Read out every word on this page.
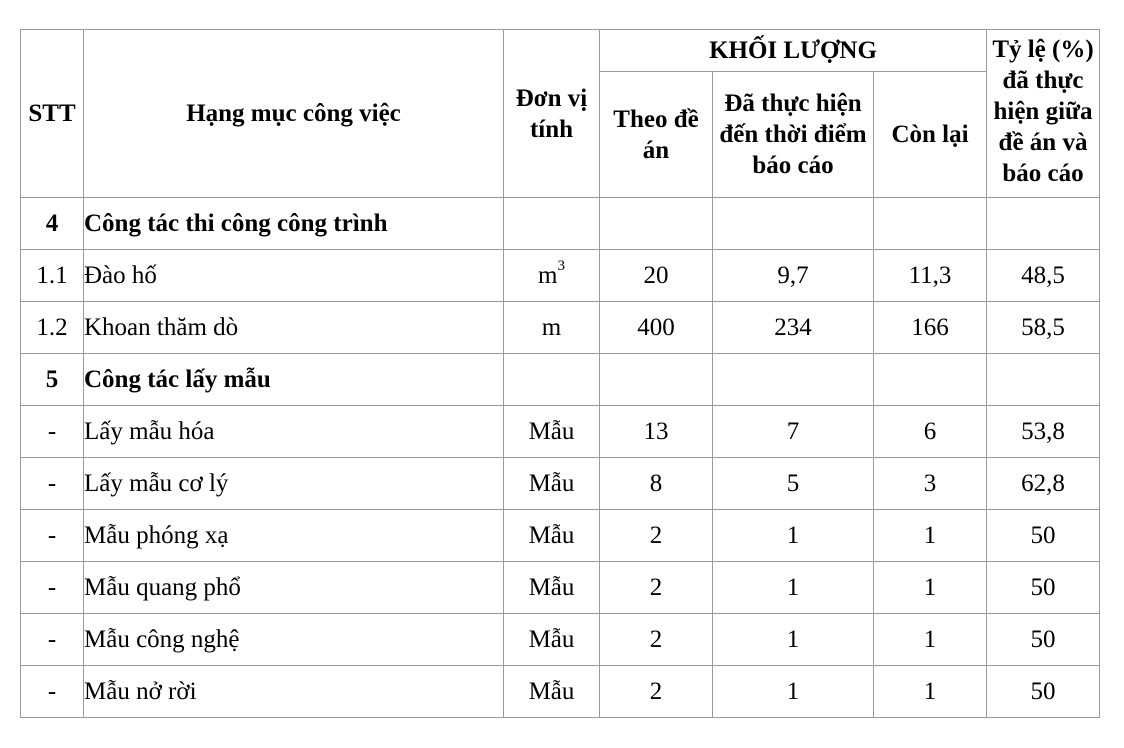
STT	Hạng mục công việc	Đơn vị tính	KHỐI LƯỢNG			Tỷ lệ (%) đã thực hiện giữa đề án và báo cáo
			Theo đề án	Đã thực hiện đến thời điểm báo cáo	Còn lại	
4	Công tác thi công công trình					
1.1	Đào hố	$m^3$	20	9,7	11,3	48,5
1.2	Khoan thăm dò	m	400	234	166	58,5
5	Công tác lấy mẫu					
-	Lấy mẫu hóa	Mẫu	13	7	6	53,8
-	Lấy mẫu cơ lý	Mẫu	8	5	3	62,8
-	Mẫu phóng xạ	Mẫu	2	1	1	50
-	Mẫu quang phổ	Mẫu	2	1	1	50
-	Mẫu công nghệ	Mẫu	2	1	1	50
-	Mẫu nở rời	Mẫu	2	1	1	50
